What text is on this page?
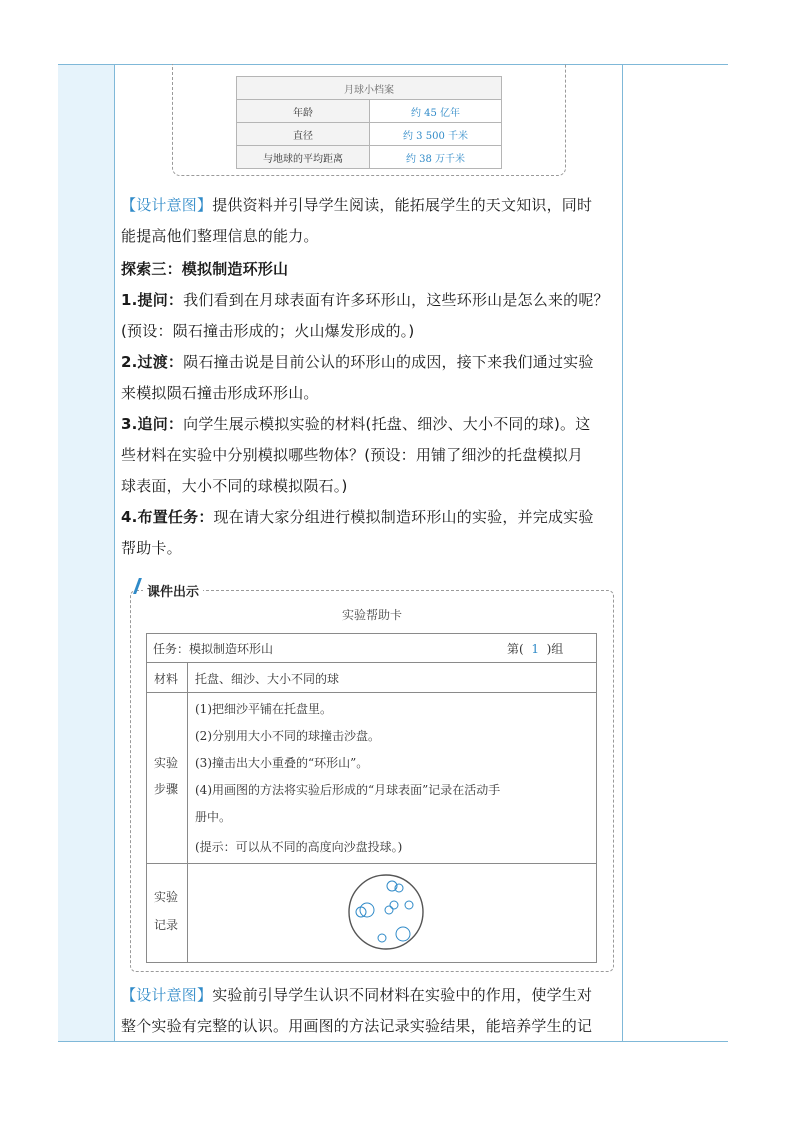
月球小档案	
年龄	约 45 亿年
直径	约 3 500 千米
与地球的平均距离	约 38 万千米
【设计意图】提供资料并引导学生阅读，能拓展学生的天文知识，同时
能提高他们整理信息的能力。
探索三：模拟制造环形山
1.提问：我们看到在月球表面有许多环形山，这些环形山是怎么来的呢？
(预设：陨石撞击形成的；火山爆发形成的。)
2.过渡：陨石撞击说是目前公认的环形山的成因，接下来我们通过实验
来模拟陨石撞击形成环形山。
3.追问：向学生展示模拟实验的材料(托盘、细沙、大小不同的球)。这
些材料在实验中分别模拟哪些物体？(预设：用铺了细沙的托盘模拟月
球表面，大小不同的球模拟陨石。)
4.布置任务：现在请大家分组进行模拟制造环形山的实验，并完成实验
帮助卡。
课件出示
实验帮助卡
任务：模拟制造环形山	第( 1 )组
材料 托盘、细沙、大小不同的球
实验
步骤
(1)把细沙平铺在托盘里。
(2)分别用大小不同的球撞击沙盘。
(3)撞击出大小重叠的“环形山”。
(4)用画图的方法将实验后形成的“月球表面”记录在活动手
册中。
(提示：可以从不同的高度向沙盘投球。)
实验
记录
【设计意图】实验前引导学生认识不同材料在实验中的作用，使学生对
整个实验有完整的认识。用画图的方法记录实验结果，能培养学生的记
